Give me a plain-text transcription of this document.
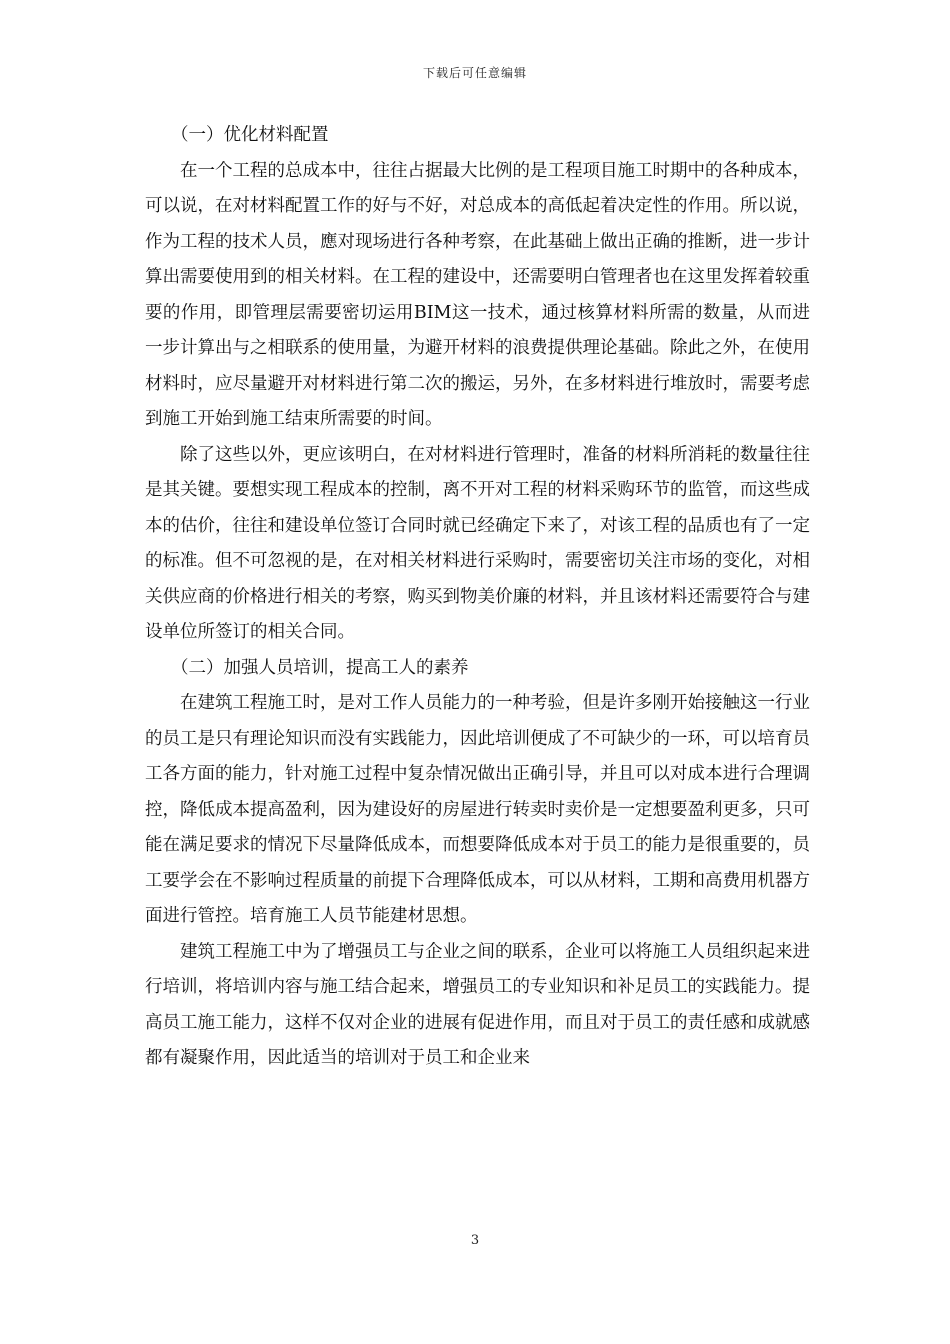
下载后可任意编辑

（一）优化材料配置

在一个工程的总成本中，往往占据最大比例的是工程项目施工时期中的各种成本，可以说，在对材料配置工作的好与不好，对总成本的高低起着决定性的作用。所以说，作为工程的技术人员，應对现场进行各种考察，在此基础上做出正确的推断，进一步计算出需要使用到的相关材料。在工程的建设中，还需要明白管理者也在这里发挥着较重要的作用，即管理层需要密切运用BIM这一技术，通过核算材料所需的数量，从而进一步计算出与之相联系的使用量，为避开材料的浪费提供理论基础。除此之外，在使用材料时，应尽量避开对材料进行第二次的搬运，另外，在多材料进行堆放时，需要考虑到施工开始到施工结束所需要的时间。

除了这些以外，更应该明白，在对材料进行管理时，准备的材料所消耗的数量往往是其关键。要想实现工程成本的控制，离不开对工程的材料采购环节的监管，而这些成本的估价，往往和建设单位签订合同时就已经确定下来了，对该工程的品质也有了一定的标准。但不可忽视的是，在对相关材料进行采购时，需要密切关注市场的变化，对相关供应商的价格进行相关的考察，购买到物美价廉的材料，并且该材料还需要符合与建设单位所签订的相关合同。

（二）加强人员培训，提高工人的素养

在建筑工程施工时，是对工作人员能力的一种考验，但是许多刚开始接触这一行业的员工是只有理论知识而没有实践能力，因此培训便成了不可缺少的一环，可以培育员工各方面的能力，针对施工过程中复杂情况做出正确引导，并且可以对成本进行合理调控，降低成本提高盈利，因为建设好的房屋进行转卖时卖价是一定想要盈利更多，只可能在满足要求的情况下尽量降低成本，而想要降低成本对于员工的能力是很重要的，员工要学会在不影响过程质量的前提下合理降低成本，可以从材料，工期和高费用机器方面进行管控。培育施工人员节能建材思想。

建筑工程施工中为了增强员工与企业之间的联系，企业可以将施工人员组织起来进行培训，将培训内容与施工结合起来，增强员工的专业知识和补足员工的实践能力。提高员工施工能力，这样不仅对企业的进展有促进作用，而且对于员工的责任感和成就感都有凝聚作用，因此适当的培训对于员工和企业来

3
